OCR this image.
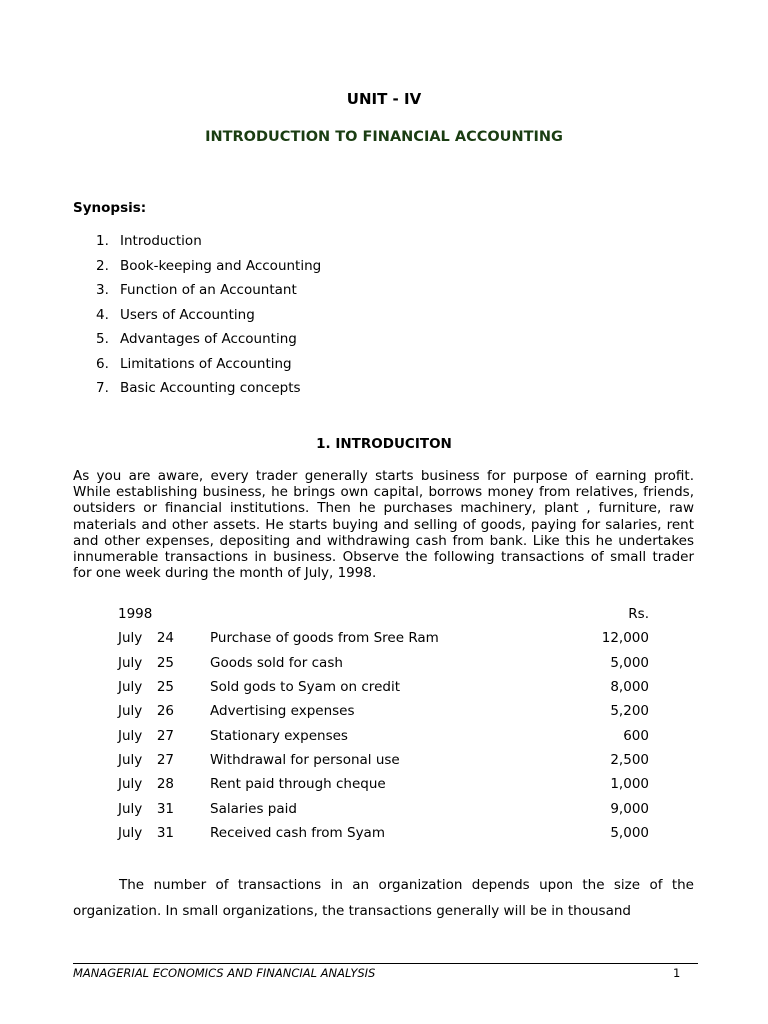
UNIT - IV
INTRODUCTION TO FINANCIAL ACCOUNTING
Synopsis:
1. Introduction
2. Book-keeping and Accounting
3. Function of an Accountant
4. Users of Accounting
5. Advantages of Accounting
6. Limitations of Accounting
7. Basic Accounting concepts
1. INTRODUCITON

As you are aware, every trader generally starts business for purpose of earning profit. While establishing business, he brings own capital, borrows money from relatives, friends, outsiders or financial institutions. Then he purchases machinery, plant , furniture, raw materials and other assets. He starts buying and selling of goods, paying for salaries, rent and other expenses, depositing and withdrawing cash from bank. Like this he undertakes innumerable transactions in business. Observe the following transactions of small trader for one week during the month of July, 1998.

1998	Rs.
July	24	Purchase of goods from Sree Ram	12,000
July	25	Goods sold for cash	5,000
July	25	Sold gods to Syam on credit	8,000
July	26	Advertising expenses	5,200
July	27	Stationary expenses	600
July	27	Withdrawal for personal use	2,500
July	28	Rent paid through cheque	1,000
July	31	Salaries paid	9,000
July	31	Received cash from Syam	5,000

The number of transactions in an organization depends upon the size of the organization. In small organizations, the transactions generally will be in thousand

MANAGERIAL ECONOMICS AND FINANCIAL ANALYSIS	1
